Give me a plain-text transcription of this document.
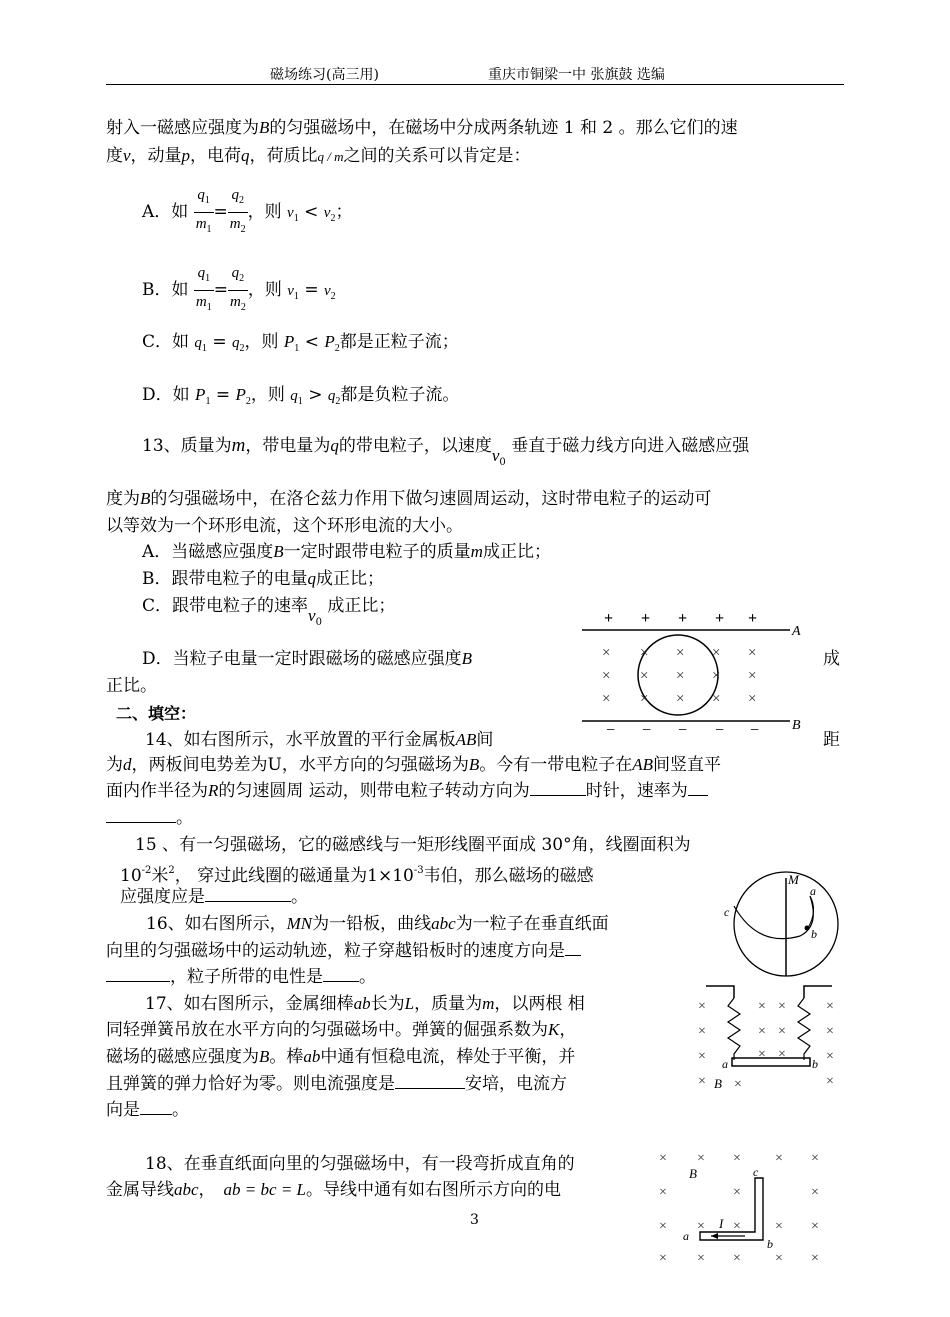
磁场练习(高三用)	重庆市铜梁一中 张旗鼓 选编
射入一磁感应强度为B的匀强磁场中，在磁场中分成两条轨迹 1 和 2 。那么它们的速
度v，动量p，电荷q，荷质比q / m之间的关系可以肯定是：
A．如 $\frac{q_1}{m_1} = \frac{q_2}{m_2}$ ，则 $v_1 < v_2$；
B．如 $\frac{q_1}{m_1} = \frac{q_2}{m_2}$ ，则 $v_1 = v_2$
C．如 $q_1 = q_2$，则 $P_1 < P_2$都是正粒子流；
D．如 $P_1 = P_2$，则 $q_1 > q_2$都是负粒子流。
13、质量为m，带电量为q的带电粒子，以速度$v_0$ 垂直于磁力线方向进入磁感应强
度为B的匀强磁场中，在洛仑兹力作用下做匀速圆周运动，这时带电粒子的运动可
以等效为一个环形电流，这个环形电流的大小。
A．当磁感应强度B一定时跟带电粒子的质量m成正比；
B．跟带电粒子的电量q成正比；
C．跟带电粒子的速率$v_0$ 成正比；
D．当粒子电量一定时跟磁场的磁感应强度B	成
正比。
二、填空：
14、如右图所示，水平放置的平行金属板AB间	距
为d，两板间电势差为U，水平方向的匀强磁场为B。今有一带电粒子在AB间竖直平
面内作半径为R的匀速圆周 运动，则带电粒子转动方向为	时针，速率为
。
15 、有一匀强磁场，它的磁感线与一矩形线圈平面成 30°角，线圈面积为
$10^{-2}$米$^2$， 穿过此线圈的磁通量为$1\times 10^{-3}$韦伯，那么磁场的磁感
应强度应是	。
16、如右图所示，MN为一铅板，曲线abc为一粒子在垂直纸面
向里的匀强磁场中的运动轨迹，粒子穿越铅板时的速度方向是
，粒子所带的电性是 。
17、如右图所示，金属细棒ab长为L，质量为m，以两根 相
同轻弹簧吊放在水平方向的匀强磁场中。弹簧的倔强系数为K，
磁场的磁感应强度为B。棒ab中通有恒稳电流，棒处于平衡，并
且弹簧的弹力恰好为零。则电流强度是	安培，电流方
向是 。
18、在垂直纸面向里的匀强磁场中，有一段弯折成直角的
金属导线abc， ab = bc = L。导线中通有如右图所示方向的电
+ + + + +
A
× × × × ×
× × × × ×
× × × × ×
B
− − − − −
M
a
b
c
×
×
×
×
×
×
×
×
×
×
×
×
×
×
×
a	b
B
× × × × ×
×	×	×
× × × × ×
× × × × ×
B	c
I
a
b
3
